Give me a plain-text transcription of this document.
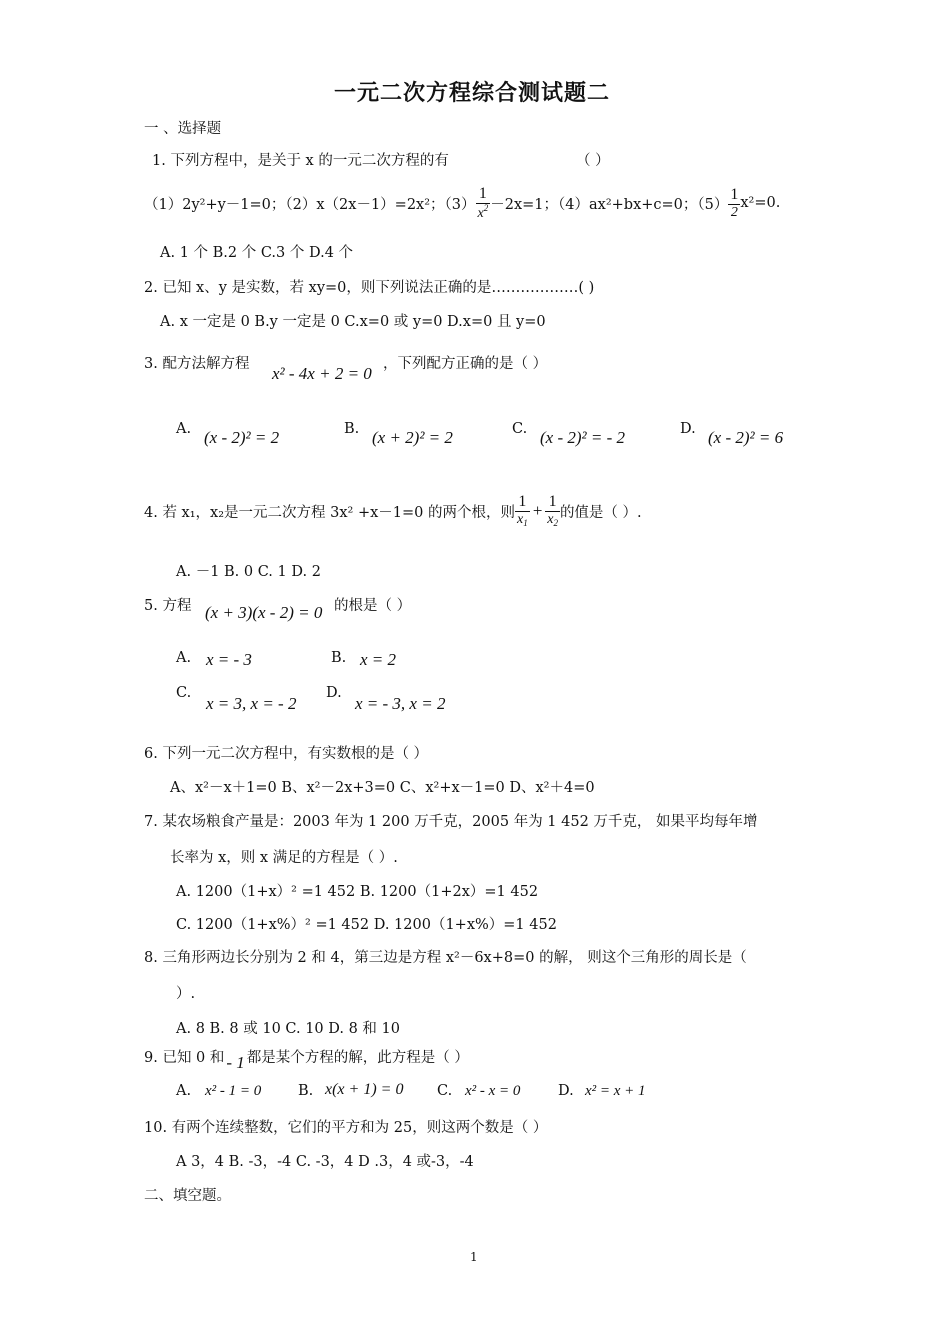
一元二次方程综合测试题二
一 、选择题
1. 下列方程中，是关于 x 的一元二次方程的有	（ ）
（1）2y²+y－1=0；（2）x（2x－1）=2x²；$(3) \frac{1}{x^2} -2x=1$；（4）ax²+bx+c=0；$(5) \frac{1}{2} x^2=0$.
A. 1 个 B.2 个 C.3 个 D.4 个
2. 已知 x、y 是实数，若 xy=0，则下列说法正确的是………………( )
A. x 一定是 0 B.y 一定是 0 C.x=0 或 y=0 D.x=0 且 y=0
3. 配方法解方程 x² - 4x + 2 = 0 ，下列配方正确的是（ ）
A. (x - 2)² = 2	B. (x + 2)² = 2	C. (x - 2)² = - 2	D. (x - 2)² = 6
4. 若 x₁，x₂是一元二次方程 3x² +x－1=0 的两个根，则 $\frac{1}{x_1} + \frac{1}{x_2}$ 的值是（ ）.
A. －1 B. 0 C. 1 D. 2
5. 方程 (x + 3)(x - 2) = 0 的根是（ ）
A. x = - 3	B. x = 2
C.
x = 3, x = - 2
D.
x = - 3, x = 2
6. 下列一元二次方程中，有实数根的是（ ）
A、x²－x＋1=0 B、x²－2x+3=0 C、x²+x－1=0 D、x²＋4=0
7. 某农场粮食产量是：2003 年为 1 200 万千克，2005 年为 1 452 万千克， 如果平均每年增
长率为 x，则 x 满足的方程是（ ）.
A. 1200（1+x）² =1 452 B. 1200（1+2x）=1 452
C. 1200（1+x%）² =1 452 D. 1200（1+x%）=1 452
8. 三角形两边长分别为 2 和 4，第三边是方程 x²－6x+8=0 的解， 则这个三角形的周长是（
）.
A. 8 B. 8 或 10 C. 10 D. 8 和 10
9. 已知 0 和 - 1 都是某个方程的解，此方程是（ ）
A. x² - 1 = 0	B. x(x + 1) = 0 C. x² - x = 0	D. x² = x + 1
10. 有两个连续整数，它们的平方和为 25，则这两个数是（ ）
A 3，4 B. -3，-4 C. -3，4 D .3，4 或-3，-4
二、填空题。
1
